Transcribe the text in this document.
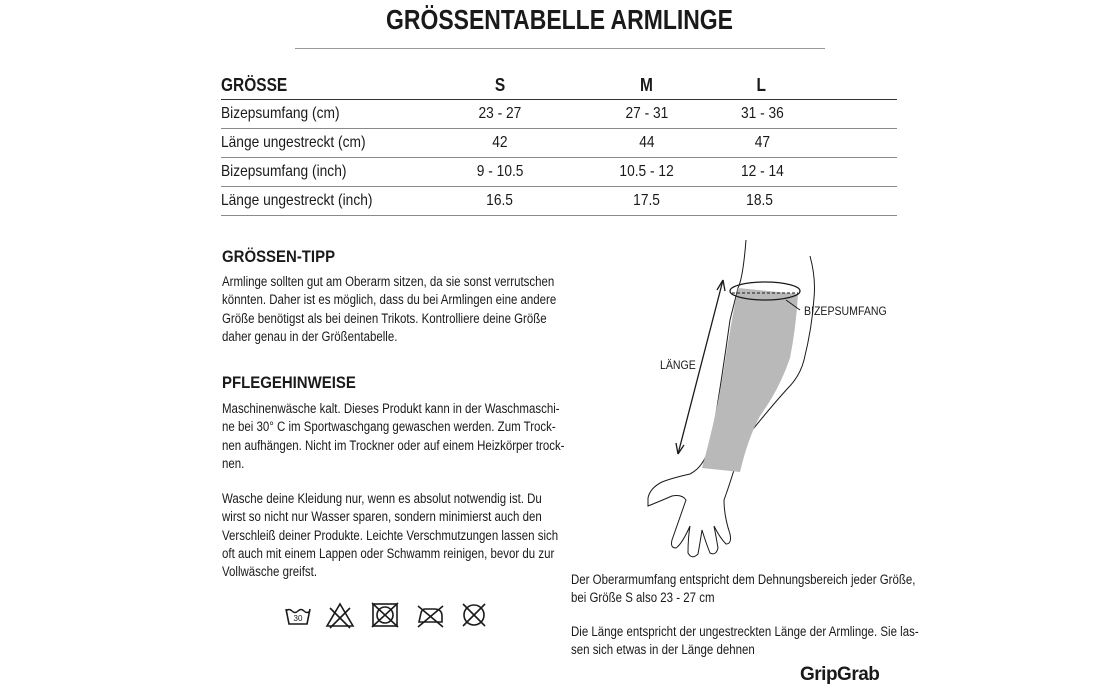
GRÖSSENTABELLE ARMLINGE
GRÖSSE	S	M	L
Bizepsumfang (cm)	23 - 27	27 - 31	31 - 36
Länge ungestreckt (cm)	42	44	47
Bizepsumfang (inch)	9 - 10.5	10.5 - 12	12 - 14
Länge ungestreckt (inch)	16.5	17.5	18.5
GRÖSSEN-TIPP
Armlinge sollten gut am Oberarm sitzen, da sie sonst verrutschen
könnten. Daher ist es möglich, dass du bei Armlingen eine andere
Größe benötigst als bei deinen Trikots. Kontrolliere deine Größe
daher genau in der Größentabelle.
PFLEGEHINWEISE
Maschinenwäsche kalt. Dieses Produkt kann in der Waschmaschi-
ne bei 30° C im Sportwaschgang gewaschen werden. Zum Trock-
nen aufhängen. Nicht im Trockner oder auf einem Heizkörper trock-
nen.
Wasche deine Kleidung nur, wenn es absolut notwendig ist. Du
wirst so nicht nur Wasser sparen, sondern minimierst auch den
Verschleiß deiner Produkte. Leichte Verschmutzungen lassen sich
oft auch mit einem Lappen oder Schwamm reinigen, bevor du zur
Vollwäsche greifst.
30
BIZEPSUMFANG
LÄNGE
Der Oberarmumfang entspricht dem Dehnungsbereich jeder Größe,
bei Größe S also 23 - 27 cm
Die Länge entspricht der ungestreckten Länge der Armlinge. Sie las-
sen sich etwas in der Länge dehnen
GripGrab
